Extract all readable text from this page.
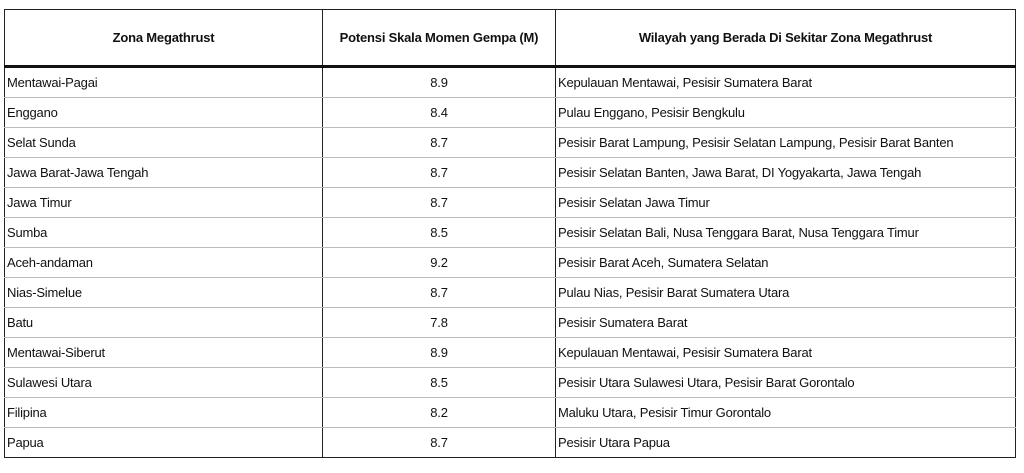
Zona Megathrust	Potensi Skala Momen Gempa (M)	Wilayah yang Berada Di Sekitar Zona Megathrust
Mentawai-Pagai	8.9	Kepulauan Mentawai, Pesisir Sumatera Barat
Enggano	8.4	Pulau Enggano, Pesisir Bengkulu
Selat Sunda	8.7	Pesisir Barat Lampung, Pesisir Selatan Lampung, Pesisir Barat Banten
Jawa Barat-Jawa Tengah	8.7	Pesisir Selatan Banten, Jawa Barat, DI Yogyakarta, Jawa Tengah
Jawa Timur	8.7	Pesisir Selatan Jawa Timur
Sumba	8.5	Pesisir Selatan Bali, Nusa Tenggara Barat, Nusa Tenggara Timur
Aceh-andaman	9.2	Pesisir Barat Aceh, Sumatera Selatan
Nias-Simelue	8.7	Pulau Nias, Pesisir Barat Sumatera Utara
Batu	7.8	Pesisir Sumatera Barat
Mentawai-Siberut	8.9	Kepulauan Mentawai, Pesisir Sumatera Barat
Sulawesi Utara	8.5	Pesisir Utara Sulawesi Utara, Pesisir Barat Gorontalo
Filipina	8.2	Maluku Utara, Pesisir Timur Gorontalo
Papua	8.7	Pesisir Utara Papua
